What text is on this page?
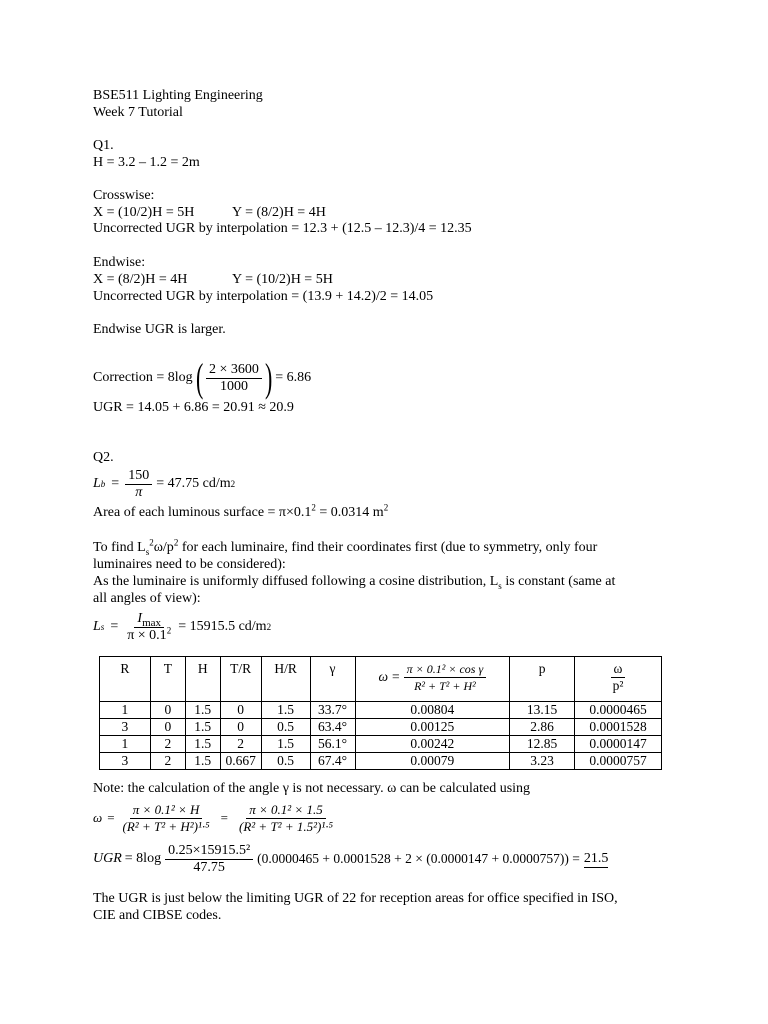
BSE511 Lighting Engineering
Week 7 Tutorial
Q1.
H = 3.2 – 1.2 = 2m
Crosswise:
X = (10/2)H = 5H	Y = (8/2)H = 4H
Uncorrected UGR by interpolation = 12.3 + (12.5 – 12.3)/4 = 12.35
Endwise:
X = (8/2)H = 4H	Y = (10/2)H = 5H
Uncorrected UGR by interpolation = (13.9 + 14.2)/2 = 14.05
Endwise UGR is larger.
Correction = 8log ( $\frac{2 \times 3600}{1000}$ ) = 6.86
UGR = 14.05 + 6.86 = 20.91 ≈ 20.9
Q2.
L $b = \frac{150}{\pi} = 47.75$ cd/m 2
Area of each luminous surface = $\pi\times 0.1^2 = 0.0314$ $m^2$
To find $L_s^2\omega/p^2$ for each luminaire, find their coordinates first (due to symmetry, only four
luminaires need to be considered):
As the luminaire is uniformly diffused following a cosine distribution, $L_s$ is constant (same at
all angles of view):
L $s = \frac{I_{max}}{\pi \times 0.1^2} = 15915.5$ cd/m 2
R	T	H	T/R	H/R	γ	$\omega = \frac{\text{π × 0.1² × cos γ}}{\text{R² + T² + H²}}$	p	$\frac{\omega}{\text{p²}}$

1	0	1.5	0	1.5	33.7°	0.00804	13.15	0.0000465
3	0	1.5	0	0.5	63.4°	0.00125	2.86	0.0001528
1	2	1.5	2	1.5	56.1°	0.00242	12.85	0.0000147
3	2	1.5	0.667	0.5	67.4°	0.00079	3.23	0.0000757
Note: the calculation of the angle γ is not necessary. ω can be calculated using
$\omega = \frac{\text{π × 0.1² × H}}{\text{(R² + T² + H²)¹·⁵}} = \frac{\text{π × 0.1² × 1.5}}{\text{(R² + T² + 1.5²)¹·⁵}}$
UGR = $8\log \frac{\text{0.25×15915.5²}}{47.75} (0.0000465 + 0.0001528 + 2 \times (0.0000147 + 0.0000757)) = 21.5$
The UGR is just below the limiting UGR of 22 for reception areas for office specified in ISO,
CIE and CIBSE codes.
